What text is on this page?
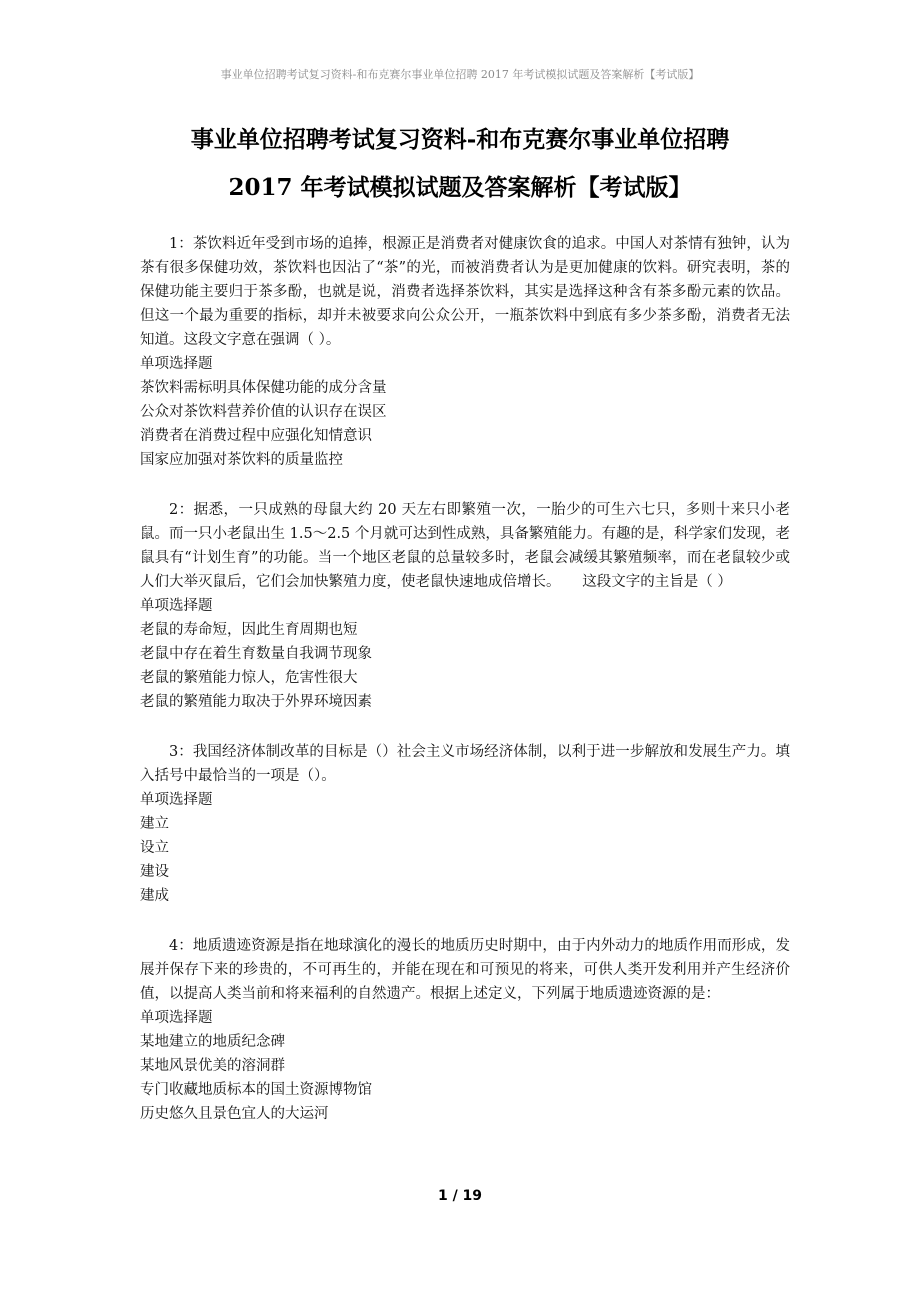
事业单位招聘考试复习资料-和布克赛尔事业单位招聘 2017 年考试模拟试题及答案解析【考试版】
事业单位招聘考试复习资料-和布克赛尔事业单位招聘
2017 年考试模拟试题及答案解析【考试版】

1：茶饮料近年受到市场的追捧，根源正是消费者对健康饮食的追求。中国人对茶情有独钟，认为茶有很多保健功效，茶饮料也因沾了“茶”的光，而被消费者认为是更加健康的饮料。研究表明，茶的保健功能主要归于茶多酚，也就是说，消费者选择茶饮料，其实是选择这种含有茶多酚元素的饮品。但这一个最为重要的指标，却并未被要求向公众公开，一瓶茶饮料中到底有多少茶多酚，消费者无法知道。这段文字意在强调（ ）。

单项选择题

茶饮料需标明具体保健功能的成分含量

公众对茶饮料营养价值的认识存在误区

消费者在消费过程中应强化知情意识

国家应加强对茶饮料的质量监控

2：据悉，一只成熟的母鼠大约 20 天左右即繁殖一次，一胎少的可生六七只，多则十来只小老鼠。而一只小老鼠出生 1.5～2.5 个月就可达到性成熟，具备繁殖能力。有趣的是，科学家们发现，老鼠具有“计划生育”的功能。当一个地区老鼠的总量较多时，老鼠会减缓其繁殖频率，而在老鼠较少或人们大举灭鼠后，它们会加快繁殖力度，使老鼠快速地成倍增长。　　这段文字的主旨是（ ）

单项选择题

老鼠的寿命短，因此生育周期也短

老鼠中存在着生育数量自我调节现象

老鼠的繁殖能力惊人，危害性很大

老鼠的繁殖能力取决于外界环境因素

3：我国经济体制改革的目标是（）社会主义市场经济体制，以利于进一步解放和发展生产力。填入括号中最恰当的一项是（）。

单项选择题

建立

设立

建设

建成

4：地质遗迹资源是指在地球演化的漫长的地质历史时期中，由于内外动力的地质作用而形成，发展并保存下来的珍贵的，不可再生的，并能在现在和可预见的将来，可供人类开发利用并产生经济价值，以提高人类当前和将来福利的自然遗产。根据上述定义，下列属于地质遗迹资源的是：

单项选择题

某地建立的地质纪念碑

某地风景优美的溶洞群

专门收藏地质标本的国土资源博物馆

历史悠久且景色宜人的大运河

1 / 19
